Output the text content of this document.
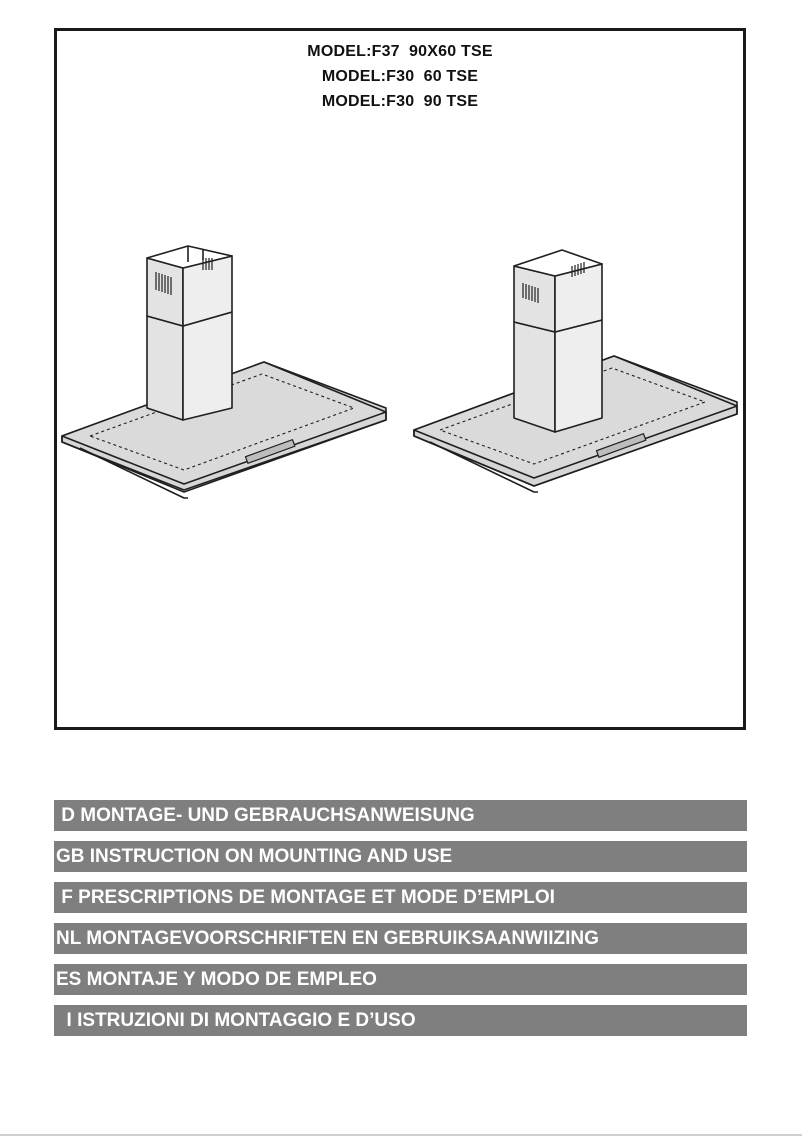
MODEL:F37  90X60 TSE
MODEL:F30  60 TSE
MODEL:F30  90 TSE
D MONTAGE- UND GEBRAUCHSANWEISUNG
GB INSTRUCTION ON MOUNTING AND USE
F PRESCRIPTIONS DE MONTAGE ET MODE D’EMPLOI
NL MONTAGEVOORSCHRIFTEN EN GEBRUIKSAANWIIZING
ES MONTAJE Y MODO DE EMPLEO
I ISTRUZIONI DI MONTAGGIO E D’USO
